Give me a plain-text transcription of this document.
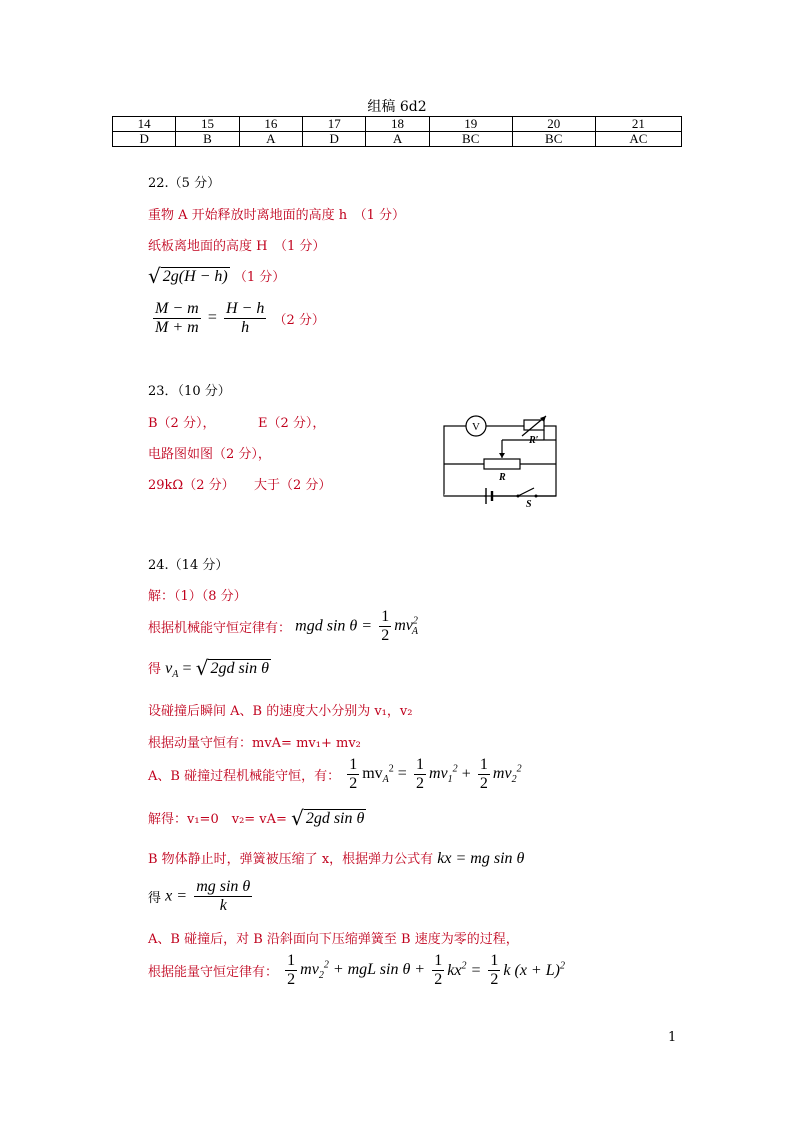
组稿 6d2
14	15	16	17	18	19	20	21
D	B	A	D	A	BC	BC	AC
22.（5 分）
重物 A 开始释放时离地面的高度 h　（1 分）
纸板离地面的高度 H　（1 分）
√ 2g(H − h) （1 分）
$\frac{M - m}{M + m} = \frac{H - h}{h} (2$ 分）
23．（10 分）
B（2 分），	E（2 分），
电路图如图（2 分），
29kΩ（2 分） 大于（2 分）
V
R′
R
S
24.（14 分）
解：（1）（8 分）
根据机械能守恒定律有： mgd $\sin \theta = \frac{1}{2} mv^2_A$
得 $v_A$ = √ 2gd sin θ
设碰撞后瞬间 A、B 的速度大小分别为 v₁，v₂
根据动量守恒有：mvA= mv₁+ mv₂
A、B 碰撞过程机械能守恒，有： $\frac{1}{2} mv_A^2 = \frac{1}{2} mv_1^2 + \frac{1}{2} mv_2^2$
解得：v₁=0　v₂= vA= √ 2gd sin θ
B 物体静止时，弹簧被压缩了 x，根据弹力公式有 kx = mg sin θ
得 $x = \frac{\text{mg sin θ}}{k}$
A、B 碰撞后，对 B 沿斜面向下压缩弹簧至 B 速度为零的过程，
根据能量守恒定律有： $\frac{1}{2} mv_2^2$ + mgL $\sin \theta + \frac{1}{2} kx^2 = \frac{1}{2}$ k $(x + L)^2$
1
